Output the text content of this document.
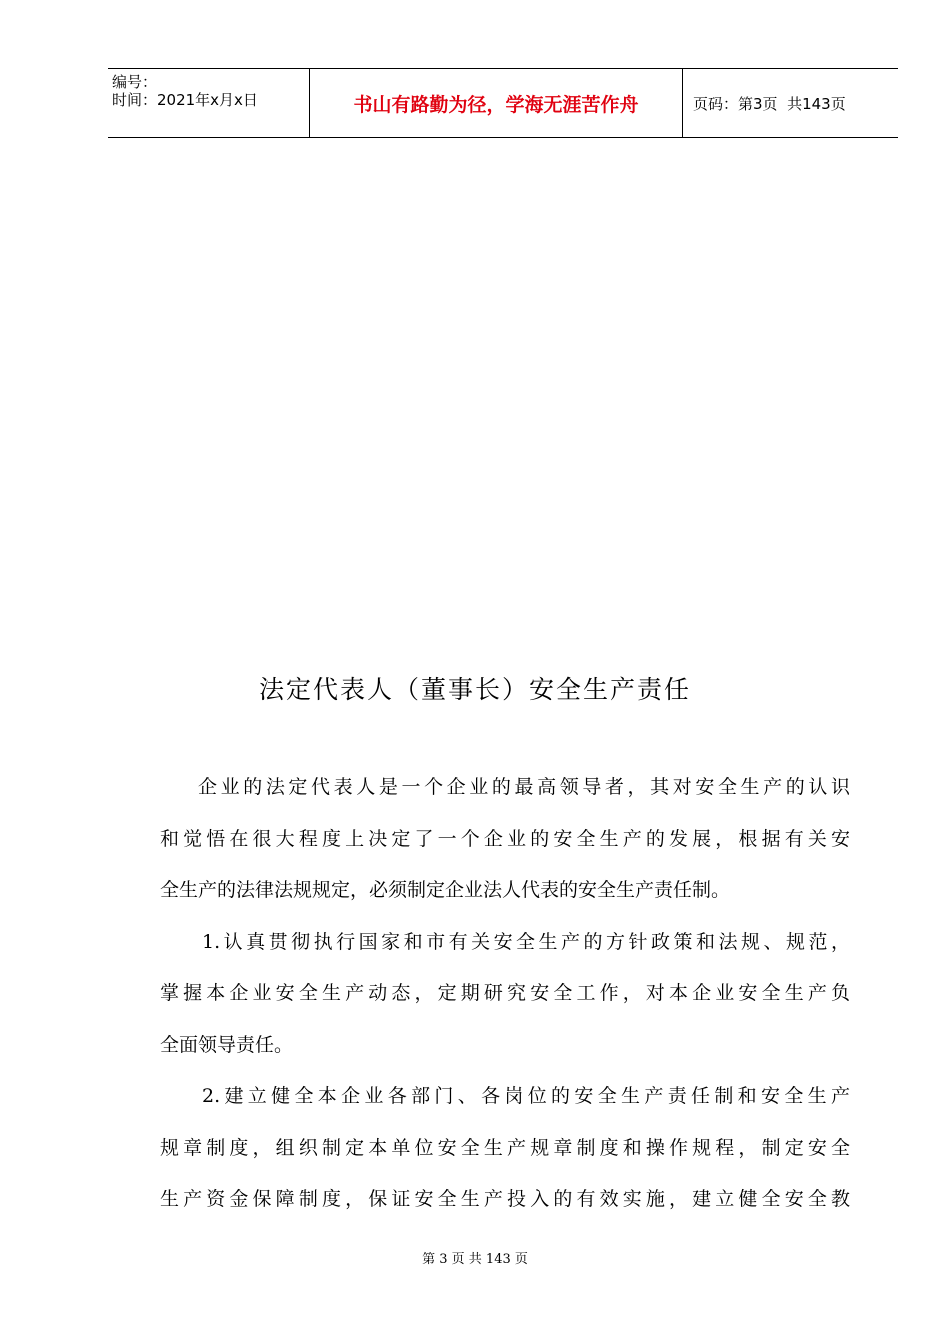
编号：
时间：2021年x月x日	书山有路勤为径，学海无涯苦作舟	页码：第3页  共143页
法定代表人（董事长）安全生产责任
企业的法定代表人是一个企业的最高领导者，其对安全生产的认识
和觉悟在很大程度上决定了一个企业的安全生产的发展，根据有关安
全生产的法律法规规定，必须制定企业法人代表的安全生产责任制。
1.认真贯彻执行国家和市有关安全生产的方针政策和法规、规范，
掌握本企业安全生产动态，定期研究安全工作，对本企业安全生产负
全面领导责任。
2.建立健全本企业各部门、各岗位的安全生产责任制和安全生产
规章制度，组织制定本单位安全生产规章制度和操作规程，制定安全
生产资金保障制度，保证安全生产投入的有效实施，建立健全安全教
第 3 页 共 143 页
